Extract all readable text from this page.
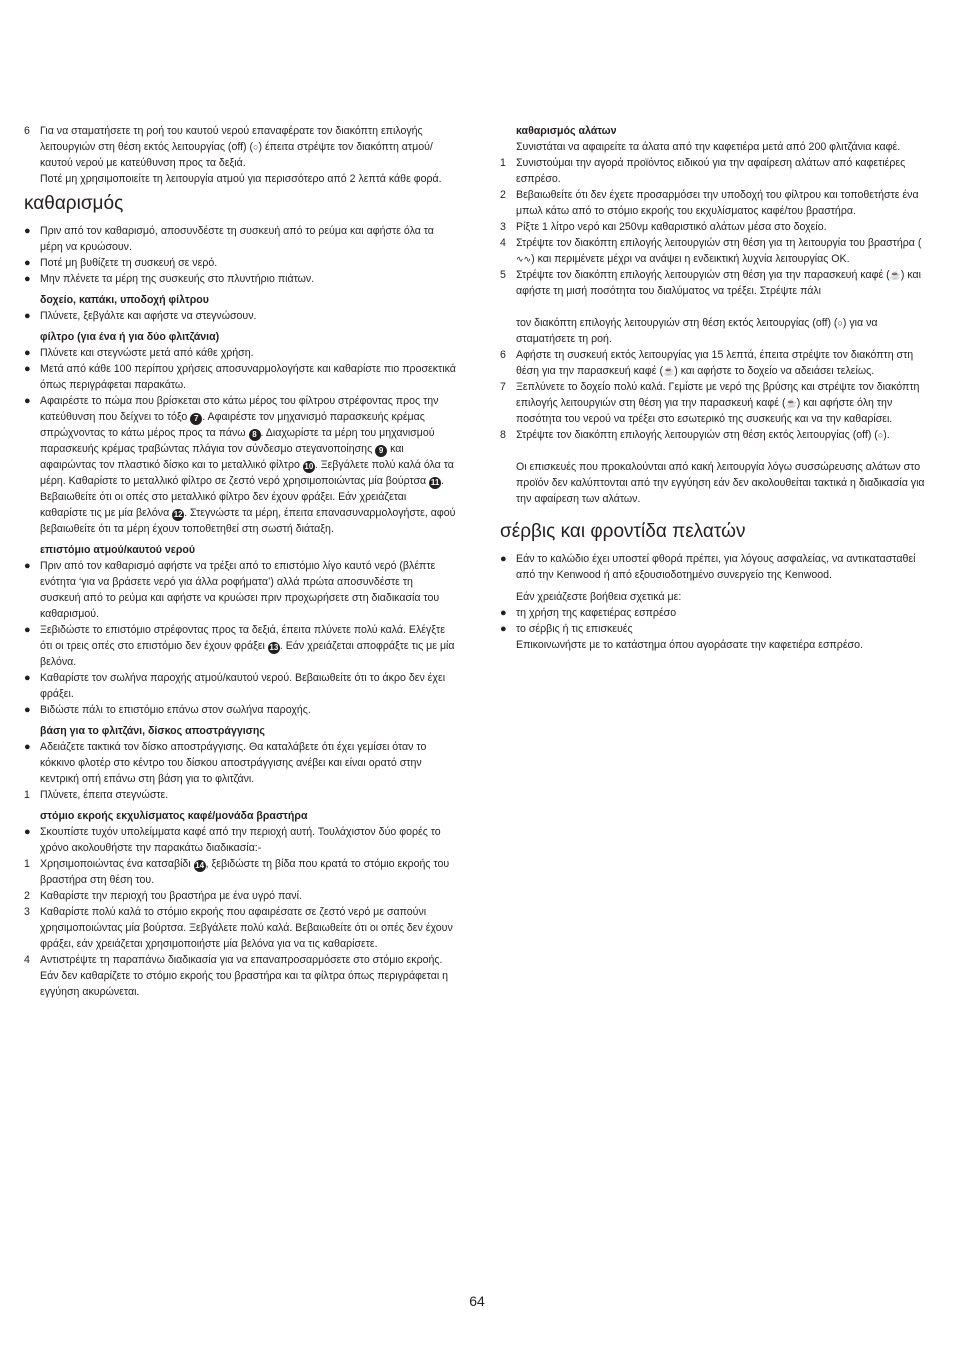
6 Για να σταματήσετε τη ροή του καυτού νερού επαναφέρατε τον διακόπτη επιλογής λειτουργιών στη θέση εκτός λειτουργίας (off) (○) έπειτα στρέψτε τον διακόπτη ατμού/καυτού νερού με κατεύθυνση προς τα δεξιά.
Ποτέ μη χρησιμοποιείτε τη λειτουργία ατμού για περισσότερο από 2 λεπτά κάθε φορά.
καθαρισμός
● Πριν από τον καθαρισμό, αποσυνδέστε τη συσκευή από το ρεύμα και αφήστε όλα τα μέρη να κρυώσουν.
● Ποτέ μη βυθίζετε τη συσκευή σε νερό.
● Μην πλένετε τα μέρη της συσκευής στο πλυντήριο πιάτων.
δοχείο, καπάκι, υποδοχή φίλτρου
● Πλύνετε, ξεβγάλτε και αφήστε να στεγνώσουν.
φίλτρο (για ένα ή για δύο φλιτζάνια)
● Πλύνετε και στεγνώστε μετά από κάθε χρήση.
● Μετά από κάθε 100 περίπου χρήσεις αποσυναρμολογήστε και καθαρίστε πιο προσεκτικά όπως περιγράφεται παρακάτω.
● Αφαιρέστε το πώμα που βρίσκεται στο κάτω μέρος του φίλτρου στρέφοντας προς την κατεύθυνση που δείχνει το τόξο 7 . Αφαιρέστε τον μηχανισμό παρασκευής κρέμας σπρώχνοντας το κάτω μέρος προς τα πάνω 8 . Διαχωρίστε τα μέρη του μηχανισμού παρασκευής κρέμας τραβώντας πλάγια τον σύνδεσμο στεγανοποίησης 9 και αφαιρώντας τον πλαστικό δίσκο και το μεταλλικό φίλτρο 10 . Ξεβγάλετε πολύ καλά όλα τα μέρη. Καθαρίστε το μεταλλικό φίλτρο σε ζεστό νερό χρησιμοποιώντας μία βούρτσα 11 . Βεβαιωθείτε ότι οι οπές στο μεταλλικό φίλτρο δεν έχουν φράξει. Εάν χρειάζεται καθαρίστε τις με μία βελόνα 12 . Στεγνώστε τα μέρη, έπειτα επανασυναρμολογήστε, αφού βεβαιωθείτε ότι τα μέρη έχουν τοποθετηθεί στη σωστή διάταξη.
επιστόμιο ατμού/καυτού νερού
● Πριν από τον καθαρισμό αφήστε να τρέξει από το επιστόμιο λίγο καυτό νερό (βλέπτε ενότητα ‘για να βράσετε νερό για άλλα ροφήματα’) αλλά πρώτα αποσυνδέστε τη συσκευή από το ρεύμα και αφήστε να κρυώσει πριν προχωρήσετε στη διαδικασία του καθαρισμού.
● Ξεβιδώστε το επιστόμιο στρέφοντας προς τα δεξιά, έπειτα πλύνετε πολύ καλά. Ελέγξτε ότι οι τρεις οπές στο επιστόμιο δεν έχουν φράξει 13 . Εάν χρειάζεται αποφράξτε τις με μία βελόνα.
● Καθαρίστε τον σωλήνα παροχής ατμού/καυτού νερού. Βεβαιωθείτε ότι το άκρο δεν έχει φράξει.
● Βιδώστε πάλι το επιστόμιο επάνω στον σωλήνα παροχής.
βάση για το φλιτζάνι, δίσκος αποστράγγισης
● Αδειάζετε τακτικά τον δίσκο αποστράγγισης. Θα καταλάβετε ότι έχει γεμίσει όταν το κόκκινο φλοτέρ στο κέντρο του δίσκου αποστράγγισης ανέβει και είναι ορατό στην κεντρική οπή επάνω στη βάση για το φλιτζάνι.
1 Πλύνετε, έπειτα στεγνώστε.
στόμιο εκροής εκχυλίσματος καφέ/μονάδα βραστήρα
● Σκουπίστε τυχόν υπολείμματα καφέ από την περιοχή αυτή. Τουλάχιστον δύο φορές το χρόνο ακολουθήστε την παρακάτω διαδικασία:-
1 Χρησιμοποιώντας ένα κατσαβίδι 14 , ξεβιδώστε τη βίδα που κρατά το στόμιο εκροής του βραστήρα στη θέση του.
2 Καθαρίστε την περιοχή του βραστήρα με ένα υγρό πανί.
3 Καθαρίστε πολύ καλά το στόμιο εκροής που αφαιρέσατε σε ζεστό νερό με σαπούνι χρησιμοποιώντας μία βούρτσα. Ξεβγάλετε πολύ καλά. Βεβαιωθείτε ότι οι οπές δεν έχουν φράξει, εάν χρειάζεται χρησιμοποιήστε μία βελόνα για να τις καθαρίσετε.
4 Αντιστρέψτε τη παραπάνω διαδικασία για να επαναπροσαρμόσετε στο στόμιο εκροής.
Εάν δεν καθαρίζετε το στόμιο εκροής του βραστήρα και τα φίλτρα όπως περιγράφεται η εγγύηση ακυρώνεται.
καθαρισμός αλάτων
Συνιστάται να αφαιρείτε τα άλατα από την καφετιέρα μετά από 200 φλιτζάνια καφέ.
1 Συνιστούμαι την αγορά προϊόντος ειδικού για την αφαίρεση αλάτων από καφετιέρες εσπρέσο.
2 Βεβαιωθείτε ότι δεν έχετε προσαρμόσει την υποδοχή του φίλτρου και τοποθετήστε ένα μπωλ κάτω από το στόμιο εκροής του εκχυλίσματος καφέ/του βραστήρα.
3 Ρίξτε 1 λίτρο νερό και 250νμ καθαριστικό αλάτων μέσα στο δοχείο.
4 Στρέψτε τον διακόπτη επιλογής λειτουργιών στη θέση για τη λειτουργία του βραστήρα (∿∿) και περιμένετε μέχρι να ανάψει η ενδεικτική λυχνία λειτουργίας OK.
5 Στρέψτε τον διακόπτη επιλογής λειτουργιών στη θέση για την παρασκευή καφέ (☕) και αφήστε τη μισή ποσότητα του διαλύματος να τρέξει. Στρέψτε πάλι
τον διακόπτη επιλογής λειτουργιών στη θέση εκτός λειτουργίας (off) (○) για να σταματήσετε τη ροή.
6 Αφήστε τη συσκευή εκτός λειτουργίας για 15 λεπτά, έπειτα στρέψτε τον διακόπτη στη θέση για την παρασκευή καφέ (☕) και αφήστε το δοχείο να αδειάσει τελείως.
7 Ξεπλύνετε το δοχείο πολύ καλά. Γεμίστε με νερό της βρύσης και στρέψτε τον διακόπτη επιλογής λειτουργιών στη θέση για την παρασκευή καφέ (☕) και αφήστε όλη την ποσότητα του νερού να τρέξει στο εσωτερικό της συσκευής και να την καθαρίσει.
8 Στρέψτε τον διακόπτη επιλογής λειτουργιών στη θέση εκτός λειτουργίας (off) (○).
Οι επισκευές που προκαλούνται από κακή λειτουργία λόγω συσσώρευσης αλάτων στο προϊόν δεν καλύπτονται από την εγγύηση εάν δεν ακολουθείται τακτικά η διαδικασία για την αφαίρεση των αλάτων.
σέρβις και φροντίδα πελατών
● Εάν το καλώδιο έχει υποστεί φθορά πρέπει, για λόγους ασφαλείας, να αντικατασταθεί από την Kenwood ή από εξουσιοδοτημένο συνεργείο της Kenwood.
Εάν χρειάζεστε βοήθεια σχετικά με:
● τη χρήση της καφετιέρας εσπρέσο
● το σέρβις ή τις επισκευές
Επικοινωνήστε με το κατάστημα όπου αγοράσατε την καφετιέρα εσπρέσο.
64
